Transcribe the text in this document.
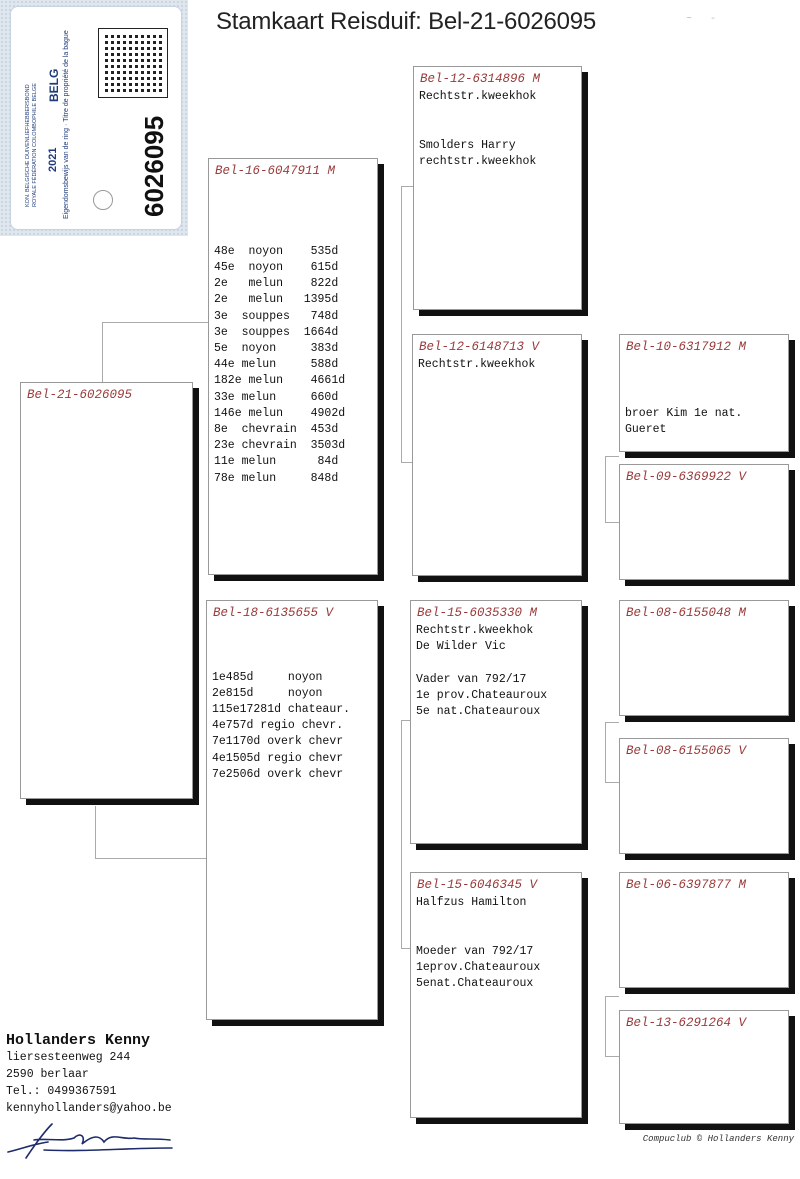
6026095
2021
BELG
KON. BELGISCHE DUIVENLIEFHEBBERSBOND ROYALE FÉDÉRATION COLOMBOPHILE BELGE	Eigendomsbewijs van de ring · Titre de propriété de la bague
Stamkaart Reisduif: Bel-21-6026095	~   -
Bel-21-6026095
Bel-16-6047911 M

48e  noyon    535d
45e  noyon    615d
2e   melun    822d
2e   melun   1395d
3e  souppes   748d
3e  souppes  1664d
5e  noyon     383d
44e melun     588d
182e melun    4661d
33e melun     660d
146e melun    4902d
8e  chevrain  453d
23e chevrain  3503d
11e melun      84d
78e melun     848d
Bel-18-6135655 V

1e485d     noyon
2e815d     noyon
115e17281d chateaur.
4e757d regio chevr.
7e1170d overk chevr
4e1505d regio chevr
7e2506d overk chevr
Bel-12-6314896 M
Rechtstr.kweekhok

Smolders Harry
rechtstr.kweekhok
Bel-12-6148713 V
Rechtstr.kweekhok
Bel-15-6035330 M
Rechtstr.kweekhok
De Wilder Vic

Vader van 792/17
1e prov.Chateauroux
5e nat.Chateauroux
Bel-15-6046345 V
Halfzus Hamilton

Moeder van 792/17
1eprov.Chateauroux
5enat.Chateauroux
Bel-10-6317912 M

broer Kim 1e nat.
Gueret
Bel-09-6369922 V
Bel-08-6155048 M
Bel-08-6155065 V
Bel-06-6397877 M
Bel-13-6291264 V
Hollanders Kenny
liersesteenweg 244
2590 berlaar
Tel.: 0499367591
kennyhollanders@yahoo.be
Compuclub © Hollanders Kenny
